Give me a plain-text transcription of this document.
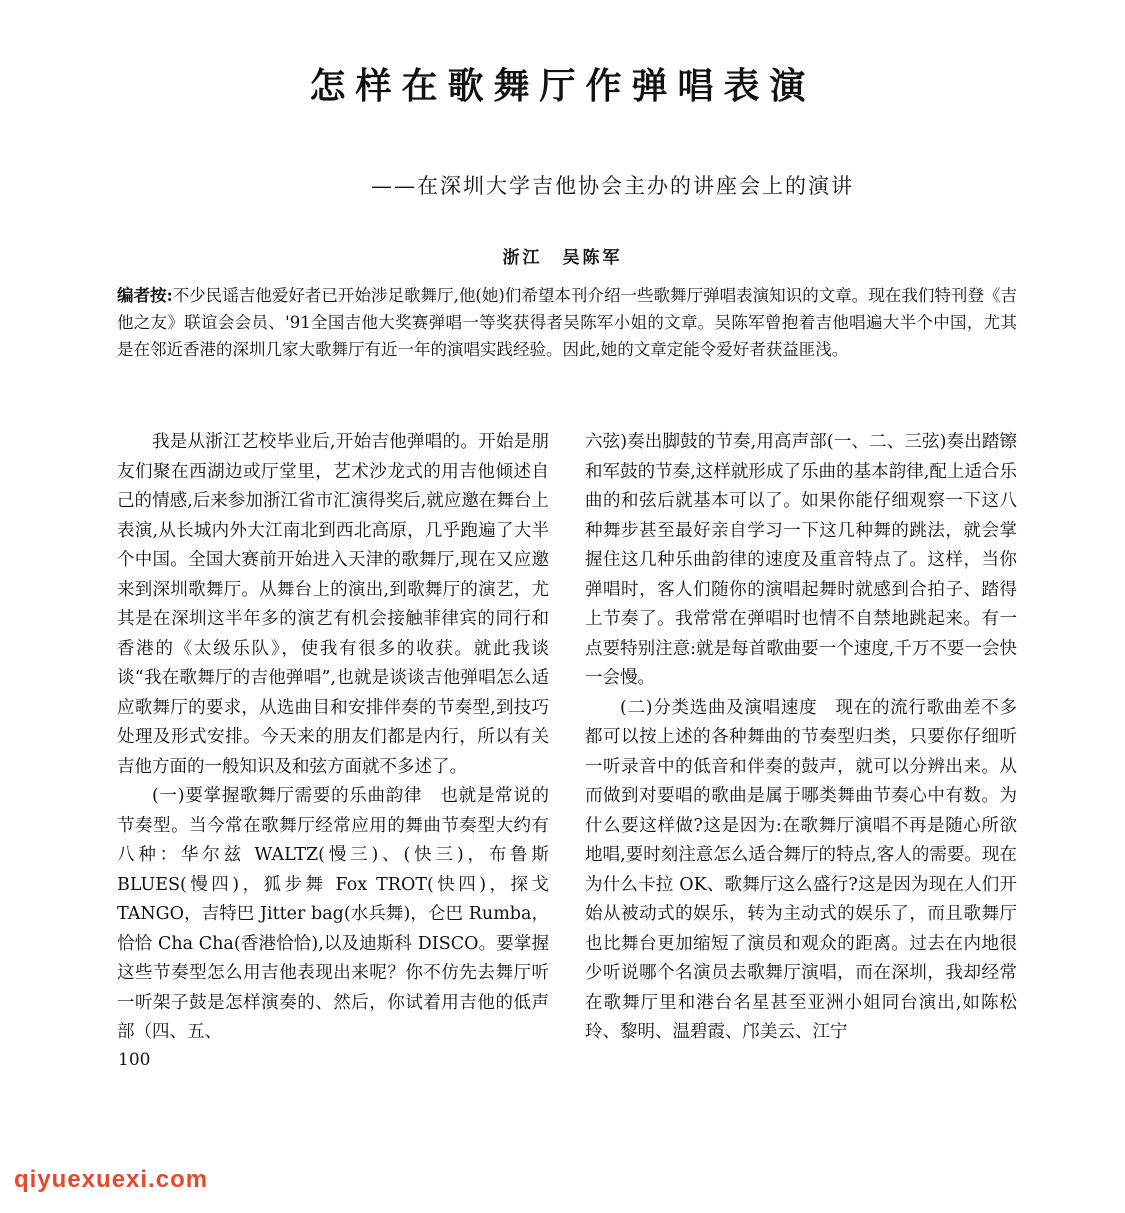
怎样在歌舞厅作弹唱表演
——在深圳大学吉他协会主办的讲座会上的演讲
浙江　吴陈军

编者按:不少民谣吉他爱好者已开始涉足歌舞厅,他(她)们希望本刊介绍一些歌舞厅弹唱表演知识的文章。现在我们特刊登《吉他之友》联谊会会员、'91全国吉他大奖赛弹唱一等奖获得者吴陈军小姐的文章。吴陈军曾抱着吉他唱遍大半个中国，尤其是在邻近香港的深圳几家大歌舞厅有近一年的演唱实践经验。因此,她的文章定能令爱好者获益匪浅。

我是从浙江艺校毕业后,开始吉他弹唱的。开始是朋友们聚在西湖边或厅堂里，艺术沙龙式的用吉他倾述自己的情感,后来参加浙江省市汇演得奖后,就应邀在舞台上表演,从长城内外大江南北到西北高原，几乎跑遍了大半个中国。全国大赛前开始进入天津的歌舞厅,现在又应邀来到深圳歌舞厅。从舞台上的演出,到歌舞厅的演艺，尤其是在深圳这半年多的演艺有机会接触菲律宾的同行和香港的《太级乐队》，使我有很多的收获。就此我谈谈“我在歌舞厅的吉他弹唱”,也就是谈谈吉他弹唱怎么适应歌舞厅的要求，从选曲目和安排伴奏的节奏型,到技巧处理及形式安排。今天来的朋友们都是内行，所以有关吉他方面的一般知识及和弦方面就不多述了。

(一)要掌握歌舞厅需要的乐曲韵律　也就是常说的节奏型。当今常在歌舞厅经常应用的舞曲节奏型大约有八种：华尔兹 WALTZ(慢三)、(快三)，布鲁斯 BLUES(慢四)，狐步舞 Fox TROT(快四)，探戈 TANGO，吉特巴 Jitter bag(水兵舞)，仑巴 Rumba，恰恰 Cha Cha(香港恰恰),以及迪斯科 DISCO。要掌握这些节奏型怎么用吉他表现出来呢？你不仿先去舞厅听一听架子鼓是怎样演奏的、然后，你试着用吉他的低声部（四、五、

六弦)奏出脚鼓的节奏,用高声部(一、二、三弦)奏出踏镲和军鼓的节奏,这样就形成了乐曲的基本韵律,配上适合乐曲的和弦后就基本可以了。如果你能仔细观察一下这八种舞步甚至最好亲自学习一下这几种舞的跳法，就会掌握住这几种乐曲韵律的速度及重音特点了。这样，当你弹唱时，客人们随你的演唱起舞时就感到合拍子、踏得上节奏了。我常常在弹唱时也情不自禁地跳起来。有一点要特别注意:就是每首歌曲要一个速度,千万不要一会快一会慢。

(二)分类选曲及演唱速度　现在的流行歌曲差不多都可以按上述的各种舞曲的节奏型归类，只要你仔细听一听录音中的低音和伴奏的鼓声，就可以分辨出来。从而做到对要唱的歌曲是属于哪类舞曲节奏心中有数。为什么要这样做?这是因为:在歌舞厅演唱不再是随心所欲地唱,要时刻注意怎么适合舞厅的特点,客人的需要。现在为什么卡拉 OK、歌舞厅这么盛行?这是因为现在人们开始从被动式的娱乐，转为主动式的娱乐了，而且歌舞厅也比舞台更加缩短了演员和观众的距离。过去在内地很少听说哪个名演员去歌舞厅演唱，而在深圳，我却经常在歌舞厅里和港台名星甚至亚洲小姐同台演出,如陈松玲、黎明、温碧霞、邝美云、江宁

100
qiyuexuexi.com
